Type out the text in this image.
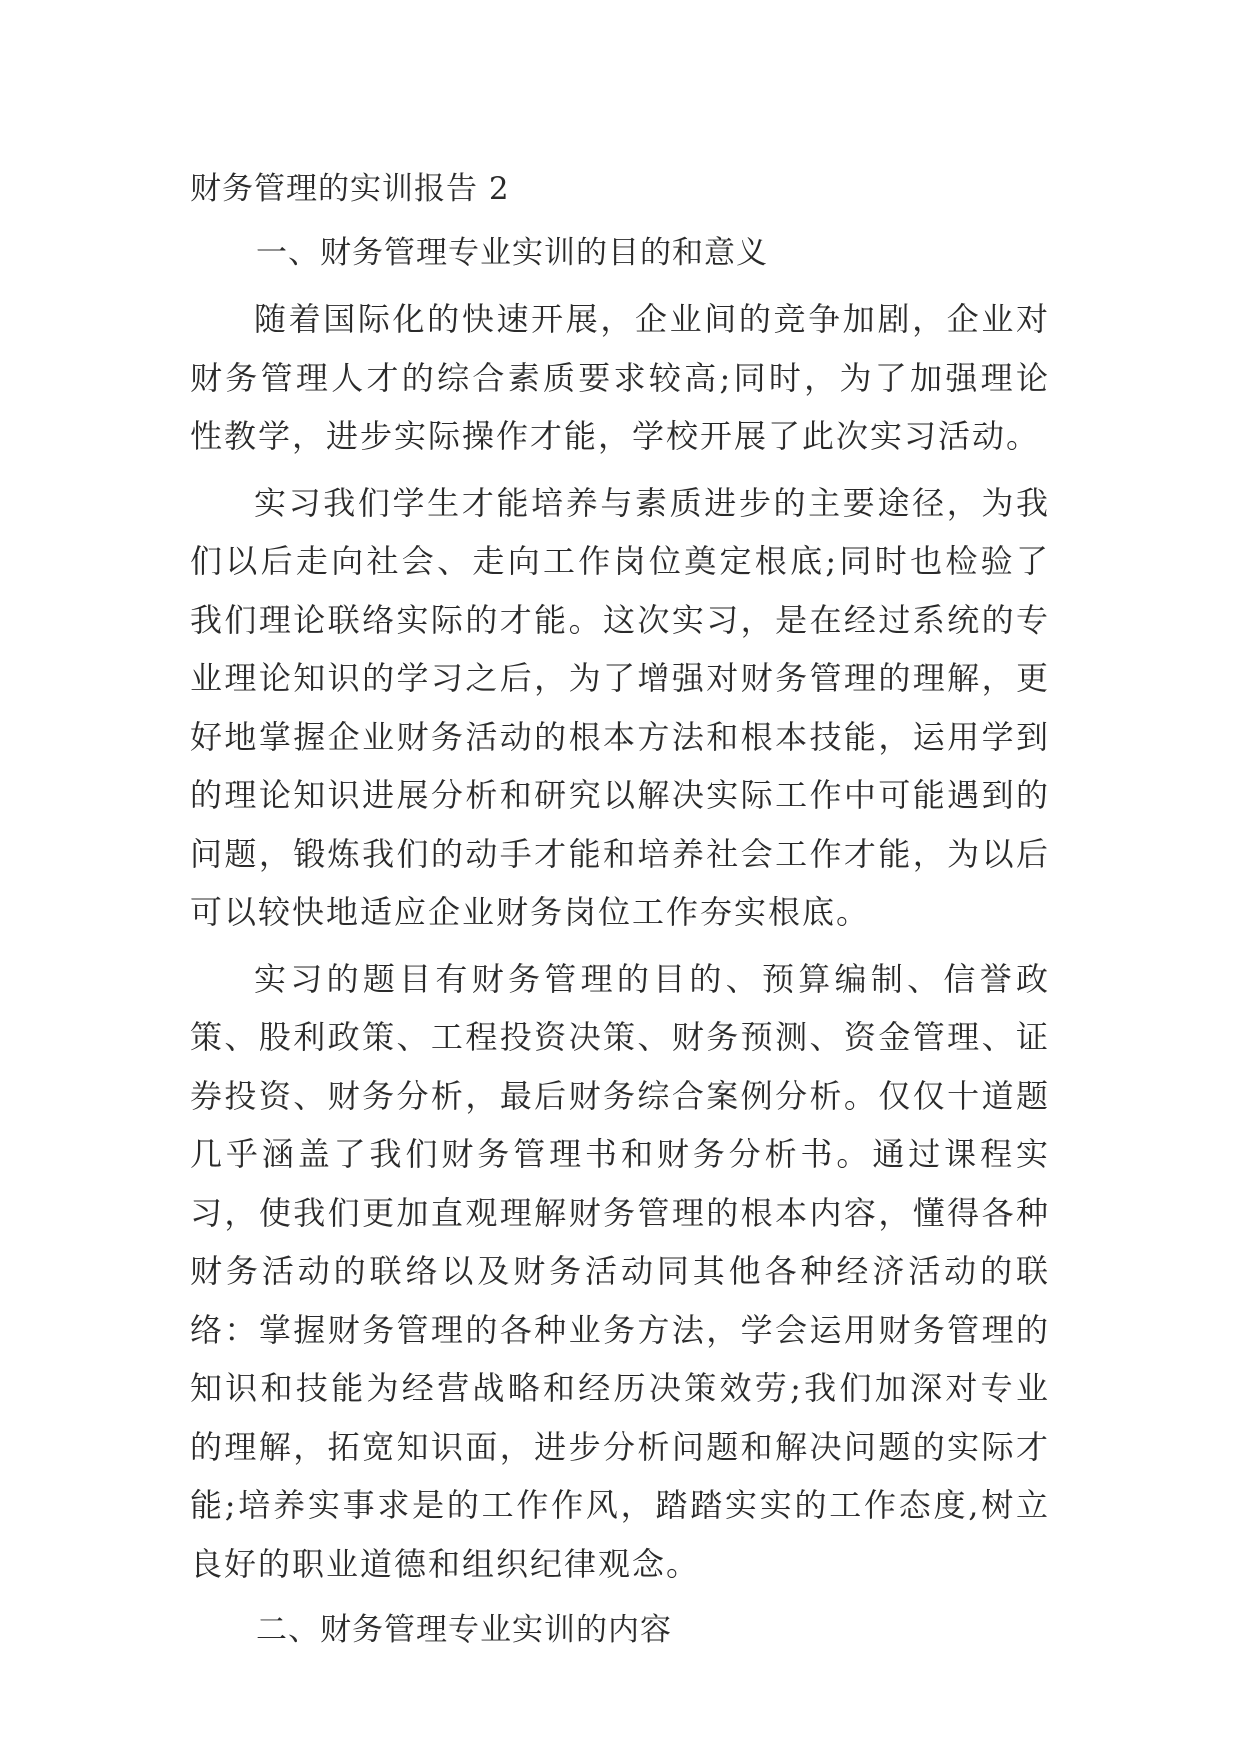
财务管理的实训报告 2
一、财务管理专业实训的目的和意义

随着国际化的快速开展，企业间的竞争加剧，企业对财务管理人才的综合素质要求较高;同时，为了加强理论性教学，进步实际操作才能，学校开展了此次实习活动。

实习我们学生才能培养与素质进步的主要途径，为我们以后走向社会、走向工作岗位奠定根底;同时也检验了我们理论联络实际的才能。这次实习，是在经过系统的专业理论知识的学习之后，为了增强对财务管理的理解，更好地掌握企业财务活动的根本方法和根本技能，运用学到的理论知识进展分析和研究以解决实际工作中可能遇到的问题，锻炼我们的动手才能和培养社会工作才能，为以后可以较快地适应企业财务岗位工作夯实根底。

实习的题目有财务管理的目的、预算编制、信誉政策、股利政策、工程投资决策、财务预测、资金管理、证券投资、财务分析，最后财务综合案例分析。仅仅十道题几乎涵盖了我们财务管理书和财务分析书。通过课程实习，使我们更加直观理解财务管理的根本内容，懂得各种财务活动的联络以及财务活动同其他各种经济活动的联络：掌握财务管理的各种业务方法，学会运用财务管理的知识和技能为经营战略和经历决策效劳;我们加深对专业的理解，拓宽知识面，进步分析问题和解决问题的实际才能;培养实事求是的工作作风，踏踏实实的工作态度,树立良好的职业道德和组织纪律观念。

二、财务管理专业实训的内容
